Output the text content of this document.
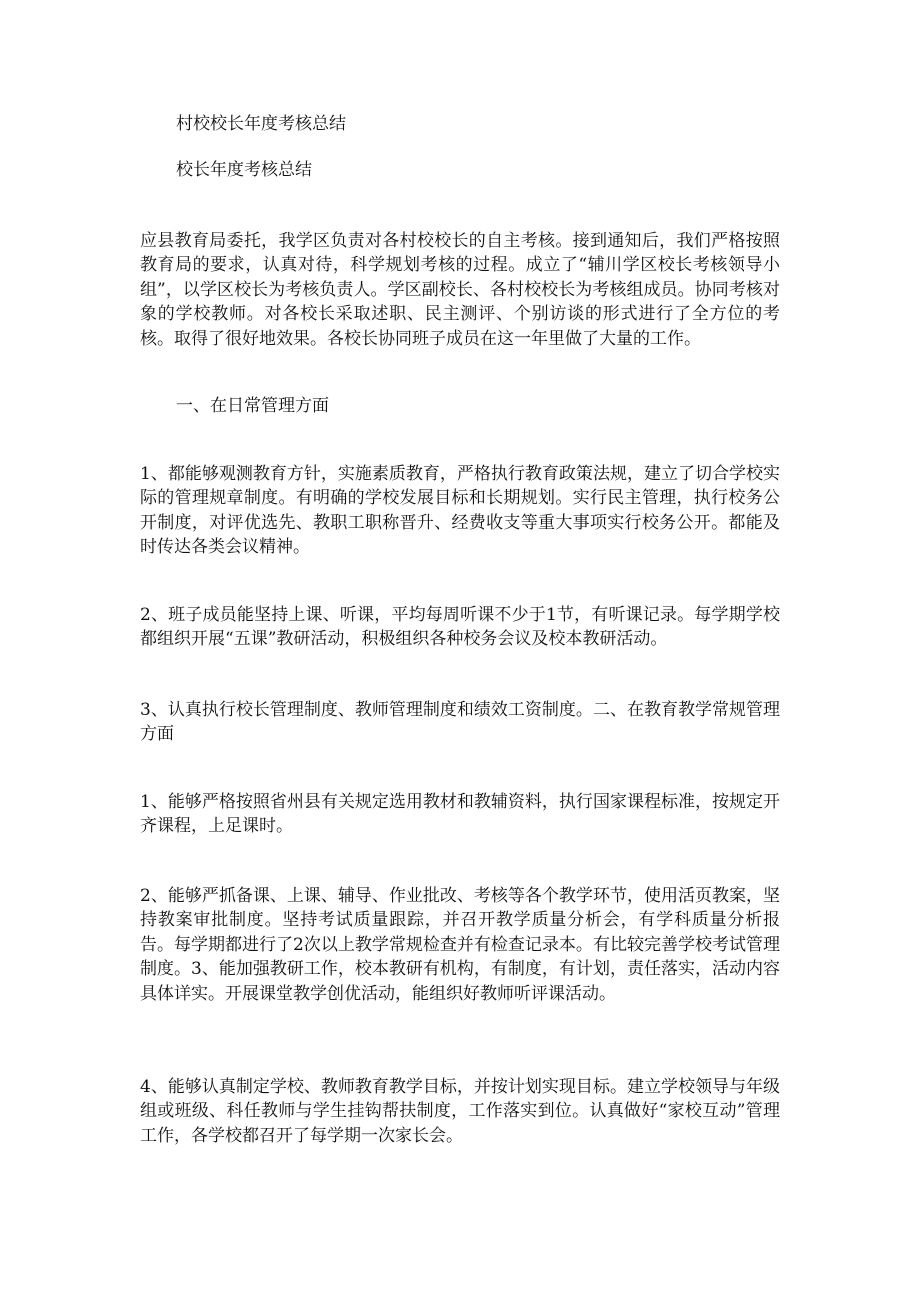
村校校长年度考核总结

校长年度考核总结

应县教育局委托，我学区负责对各村校校长的自主考核。接到通知后，我们严格按照教育局的要求，认真对待，科学规划考核的过程。成立了“辅川学区校长考核领导小组”，以学区校长为考核负责人。学区副校长、各村校校长为考核组成员。协同考核对象的学校教师。对各校长采取述职、民主测评、个别访谈的形式进行了全方位的考核。取得了很好地效果。各校长协同班子成员在这一年里做了大量的工作。

一、在日常管理方面

1、都能够观测教育方针，实施素质教育，严格执行教育政策法规，建立了切合学校实际的管理规章制度。有明确的学校发展目标和长期规划。实行民主管理，执行校务公开制度，对评优选先、教职工职称晋升、经费收支等重大事项实行校务公开。都能及时传达各类会议精神。

2、班子成员能坚持上课、听课，平均每周听课不少于1节，有听课记录。每学期学校都组织开展“五课”教研活动，积极组织各种校务会议及校本教研活动。

3、认真执行校长管理制度、教师管理制度和绩效工资制度。二、在教育教学常规管理方面

1、能够严格按照省州县有关规定选用教材和教辅资料，执行国家课程标准，按规定开齐课程，上足课时。

2、能够严抓备课、上课、辅导、作业批改、考核等各个教学环节，使用活页教案，坚持教案审批制度。坚持考试质量跟踪，并召开教学质量分析会，有学科质量分析报告。每学期都进行了2次以上教学常规检查并有检查记录本。有比较完善学校考试管理制度。3、能加强教研工作，校本教研有机构，有制度，有计划，责任落实，活动内容具体详实。开展课堂教学创优活动，能组织好教师听评课活动。

4、能够认真制定学校、教师教育教学目标，并按计划实现目标。建立学校领导与年级组或班级、科任教师与学生挂钩帮扶制度，工作落实到位。认真做好“家校互动”管理工作，各学校都召开了每学期一次家长会。
